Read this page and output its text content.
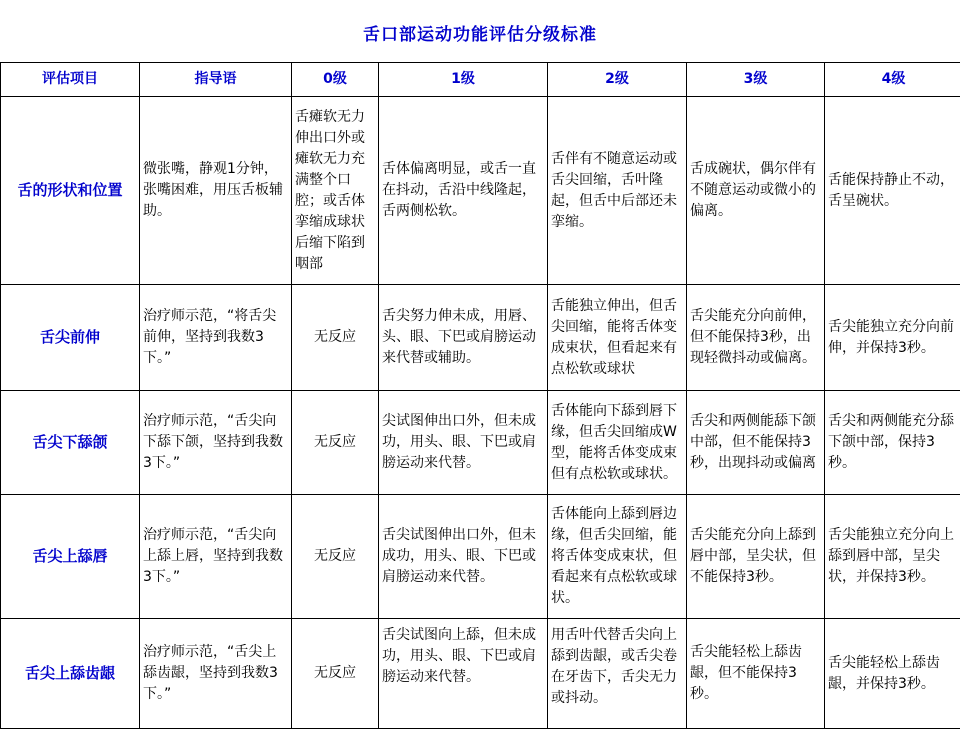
舌口部运动功能评估分级标准
评估项目	指导语	0级	1级	2级	3级	4级
舌的形状和位置	微张嘴，静观1分钟，张嘴困难，用压舌板辅助。	舌瘫软无力伸出口外或瘫软无力充满整个口腔；或舌体挛缩成球状后缩下陷到咽部	舌体偏离明显，或舌一直在抖动，舌沿中线隆起，舌两侧松软。	舌伴有不随意运动或舌尖回缩，舌叶隆起，但舌中后部还未挛缩。	舌成碗状，偶尔伴有不随意运动或微小的偏离。	舌能保持静止不动，舌呈碗状。
舌尖前伸	治疗师示范，“将舌尖前伸，坚持到我数3下。”	无反应	舌尖努力伸未成，用唇、头、眼、下巴或肩膀运动来代替或辅助。	舌能独立伸出，但舌尖回缩，能将舌体变成束状，但看起来有点松软或球状	舌尖能充分向前伸，但不能保持3秒，出现轻微抖动或偏离。	舌尖能独立充分向前伸，并保持3秒。
舌尖下舔颌	治疗师示范，“舌尖向下舔下颌，坚持到我数3下。”	无反应	尖试图伸出口外，但未成功，用头、眼、下巴或肩膀运动来代替。	舌体能向下舔到唇下缘，但舌尖回缩成W型，能将舌体变成束但有点松软或球状。	舌尖和两侧能舔下颌中部，但不能保持3秒，出现抖动或偏离	舌尖和两侧能充分舔下颌中部，保持3秒。
舌尖上舔唇	治疗师示范，“舌尖向上舔上唇，坚持到我数3下。”	无反应	舌尖试图伸出口外，但未成功，用头、眼、下巴或肩膀运动来代替。	舌体能向上舔到唇边缘，但舌尖回缩，能将舌体变成束状，但看起来有点松软或球状。	舌尖能充分向上舔到唇中部，呈尖状，但不能保持3秒。	舌尖能独立充分向上舔到唇中部，呈尖状，并保持3秒。
舌尖上舔齿龈	治疗师示范，“舌尖上舔齿龈，坚持到我数3下。”	无反应	舌尖试图向上舔，但未成功，用头、眼、下巴或肩膀运动来代替。	用舌叶代替舌尖向上舔到齿龈，或舌尖卷在牙齿下，舌尖无力或抖动。	舌尖能轻松上舔齿龈，但不能保持3秒。	舌尖能轻松上舔齿龈，并保持3秒。
